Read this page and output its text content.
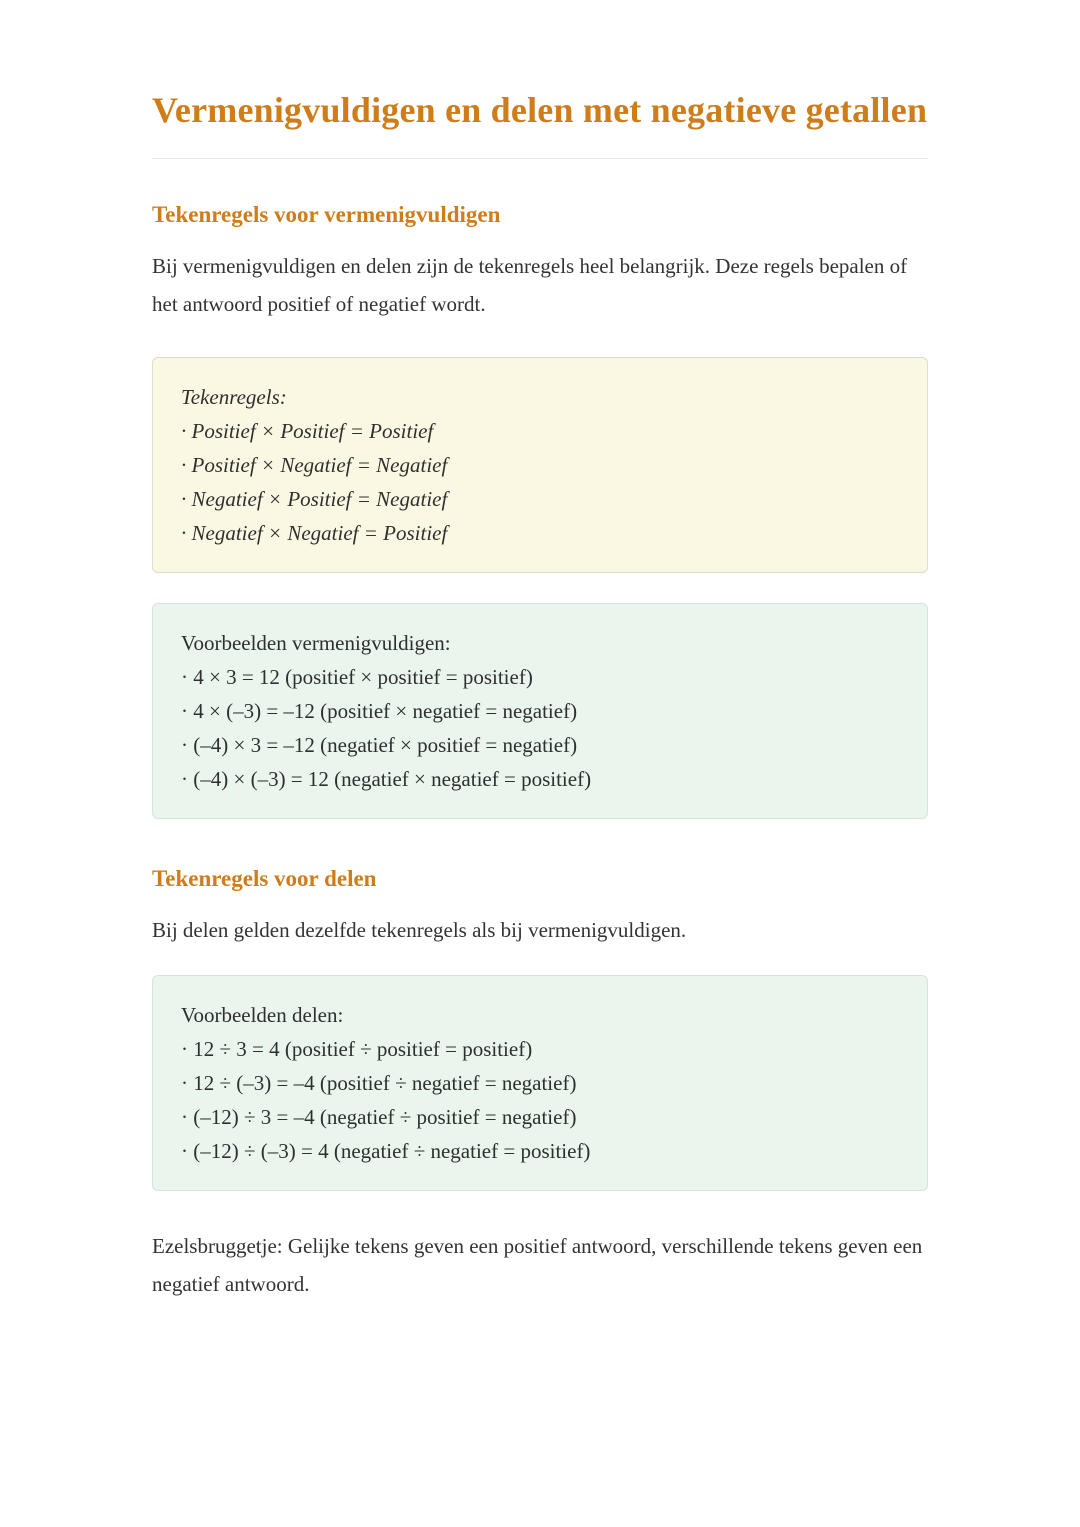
Vermenigvuldigen en delen met negatieve getallen
Tekenregels voor vermenigvuldigen

Bij vermenigvuldigen en delen zijn de tekenregels heel belangrijk. Deze regels bepalen of het antwoord positief of negatief wordt.

Tekenregels:
· Positief × Positief = Positief
· Positief × Negatief = Negatief
· Negatief × Positief = Negatief
· Negatief × Negatief = Positief
Voorbeelden vermenigvuldigen:
· 4 × 3 = 12 (positief × positief = positief)
· 4 × (–3) = –12 (positief × negatief = negatief)
· (–4) × 3 = –12 (negatief × positief = negatief)
· (–4) × (–3) = 12 (negatief × negatief = positief)
Tekenregels voor delen

Bij delen gelden dezelfde tekenregels als bij vermenigvuldigen.

Voorbeelden delen:
· 12 ÷ 3 = 4 (positief ÷ positief = positief)
· 12 ÷ (–3) = –4 (positief ÷ negatief = negatief)
· (–12) ÷ 3 = –4 (negatief ÷ positief = negatief)
· (–12) ÷ (–3) = 4 (negatief ÷ negatief = positief)

Ezelsbruggetje: Gelijke tekens geven een positief antwoord, verschillende tekens geven een negatief antwoord.
